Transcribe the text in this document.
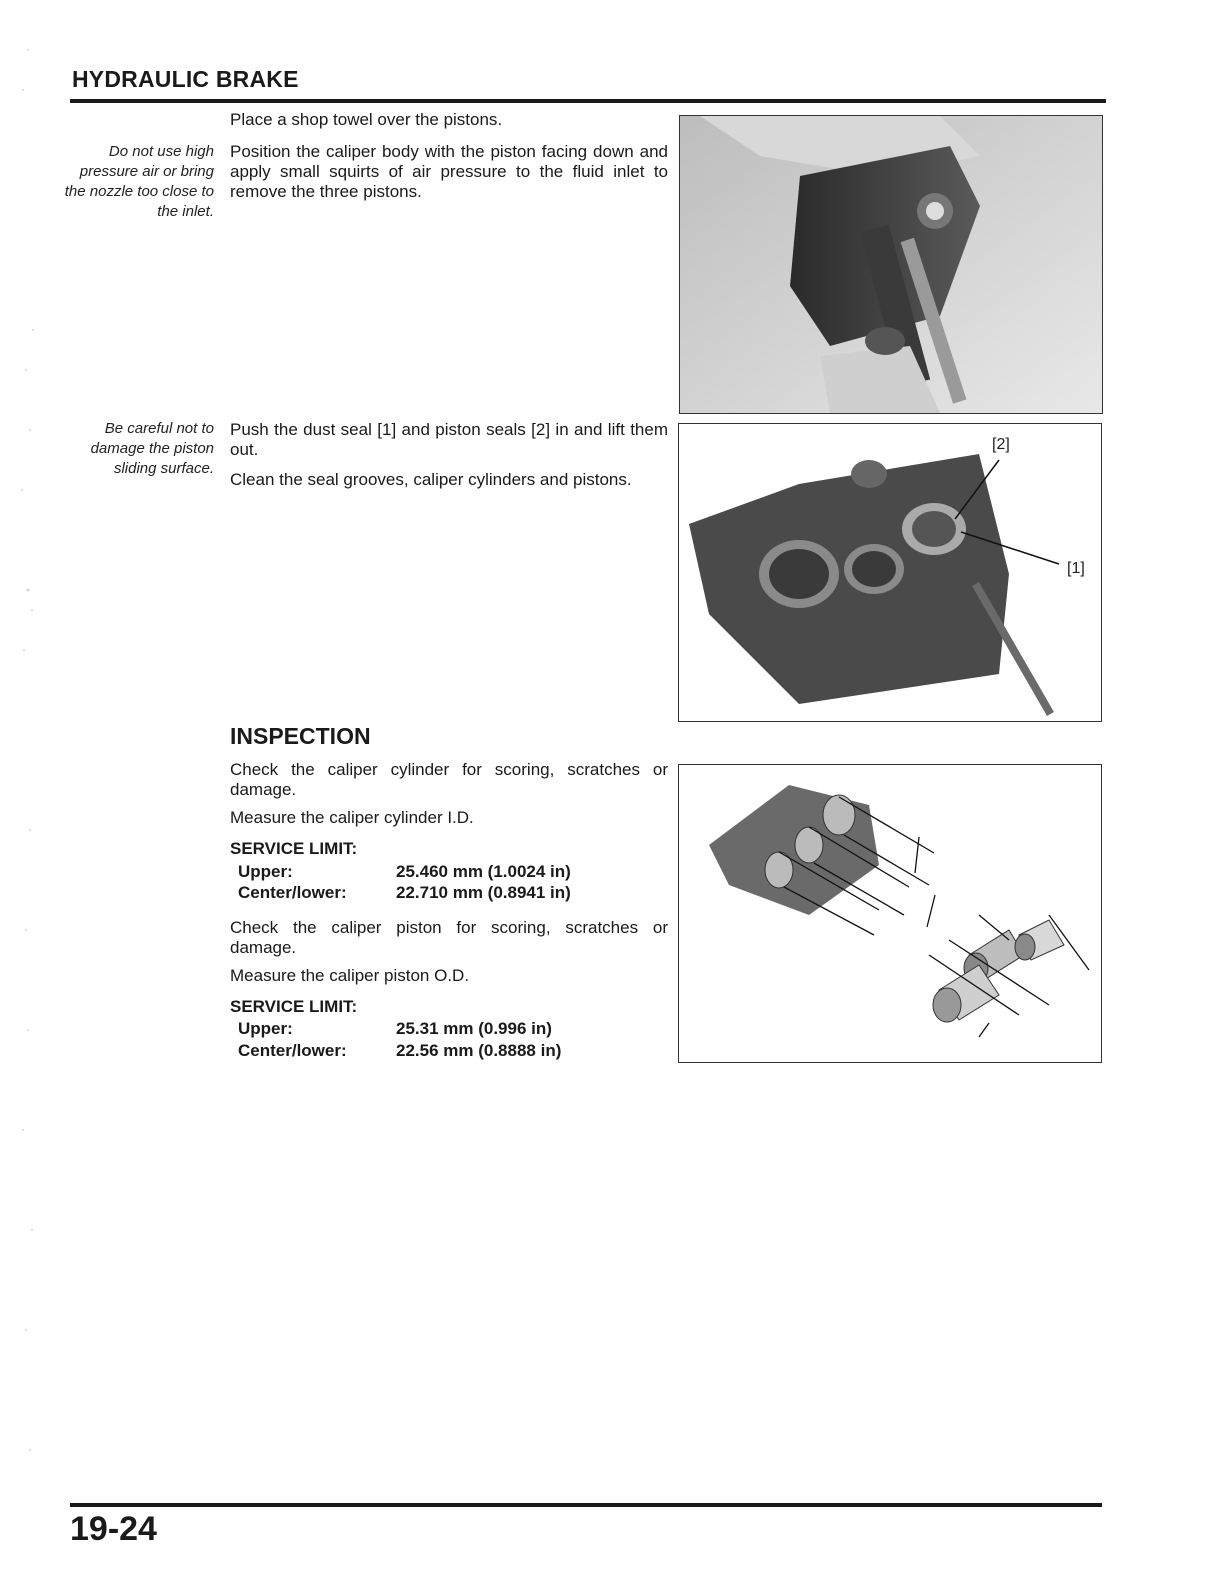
HYDRAULIC BRAKE
Place a shop towel over the pistons.
Do not use high pressure air or bring the nozzle too close to the inlet.
Position the caliper body with the piston facing down and apply small squirts of air pressure to the fluid inlet to remove the three pistons.
Be careful not to damage the piston sliding surface.
Push the dust seal [1] and piston seals [2] in and lift them out.
Clean the seal grooves, caliper cylinders and pistons.
[2]
[1]
INSPECTION
Check the caliper cylinder for scoring, scratches or damage.
Measure the caliper cylinder I.D.
SERVICE LIMIT:
Upper:	25.460 mm (1.0024 in)
Center/lower:	22.710 mm (0.8941 in)
Check the caliper piston for scoring, scratches or damage.
Measure the caliper piston O.D.
SERVICE LIMIT:
Upper:	25.31 mm (0.996 in)
Center/lower:	22.56 mm (0.8888 in)
19-24
